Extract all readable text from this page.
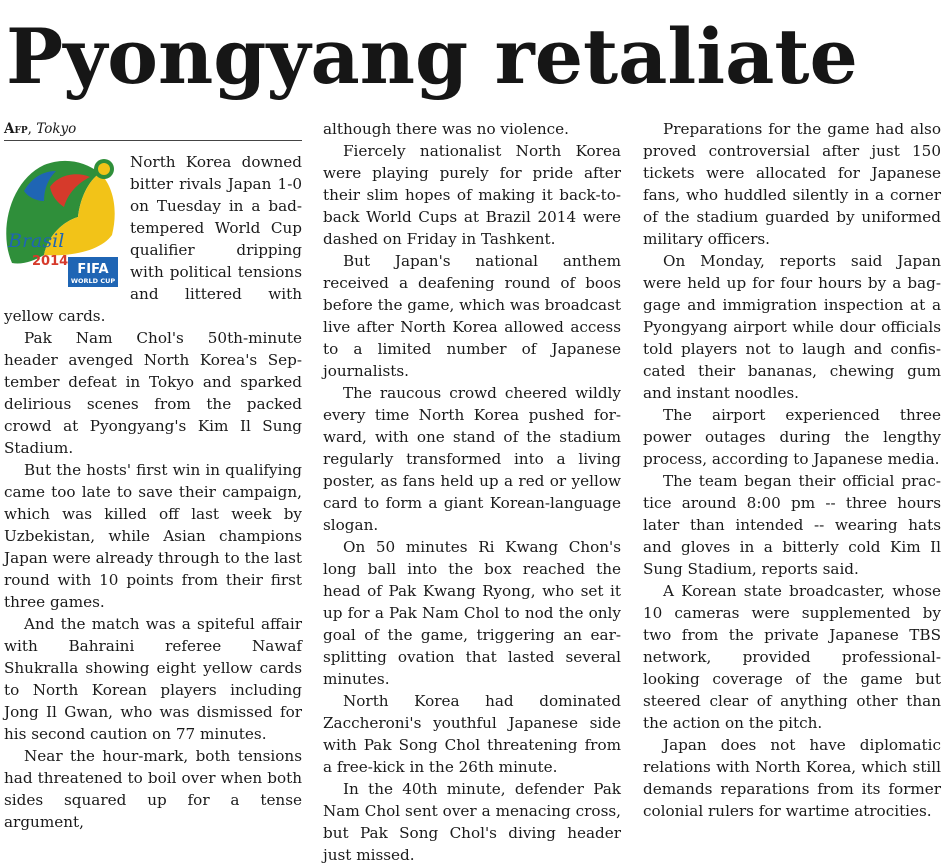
Pyongyang retaliate
Afp, Tokyo
Brasil
2014
FIFA
WORLD CUP

North Korea downed bitter rivals Japan 1-0 on Tuesday in a badtempered World Cup qualifier dripping with political tensions and littered with yellow cards.

Pak Nam Chol's 50th-minute header avenged North Korea's September defeat in Tokyo and sparked delirious scenes from the packed crowd at Pyongyang's Kim Il Sung Stadium.

But the hosts' first win in qualifying came too late to save their campaign, which was killed off last week by Uzbekistan, while Asian champions Japan were already through to the last round with 10 points from their first three games.

And the match was a spiteful affair with Bahraini referee Nawaf Shukralla showing eight yellow cards to North Korean players including Jong Il Gwan, who was dismissed for his second caution on 77 minutes.

Near the hour-mark, both tensions had threatened to boil over when both sides squared up for a tense argument,

although there was no violence.

Fiercely nationalist North Korea were playing purely for pride after their slim hopes of making it back-to-back World Cups at Brazil 2014 were dashed on Friday in Tashkent.

But Japan's national anthem received a deafening round of boos before the game, which was broadcast live after North Korea allowed access to a limited number of Japanese journalists.

The raucous crowd cheered wildly every time North Korea pushed forward, with one stand of the stadium regularly transformed into a living poster, as fans held up a red or yellow card to form a giant Korean-language slogan.

On 50 minutes Ri Kwang Chon's long ball into the box reached the head of Pak Kwang Ryong, who set it up for a Pak Nam Chol to nod the only goal of the game, triggering an ear-splitting ovation that lasted several minutes.

North Korea had dominated Zaccheroni's youthful Japanese side with Pak Song Chol threatening from a free-kick in the 26th minute.

In the 40th minute, defender Pak Nam Chol sent over a menacing cross, but Pak Song Chol's diving header just missed.

Preparations for the game had also proved controversial after just 150 tickets were allocated for Japanese fans, who huddled silently in a corner of the stadium guarded by uniformed military officers.

On Monday, reports said Japan were held up for four hours by a baggage and immigration inspection at a Pyongyang airport while dour officials told players not to laugh and confiscated their bananas, chewing gum and instant noodles.

The airport experienced three power outages during the lengthy process, according to Japanese media.

The team began their official practice around 8:00 pm -- three hours later than intended -- wearing hats and gloves in a bitterly cold Kim Il Sung Stadium, reports said.

A Korean state broadcaster, whose 10 cameras were supplemented by two from the private Japanese TBS network, provided professional-looking coverage of the game but steered clear of anything other than the action on the pitch.

Japan does not have diplomatic relations with North Korea, which still demands reparations from its former colonial rulers for wartime atrocities.
